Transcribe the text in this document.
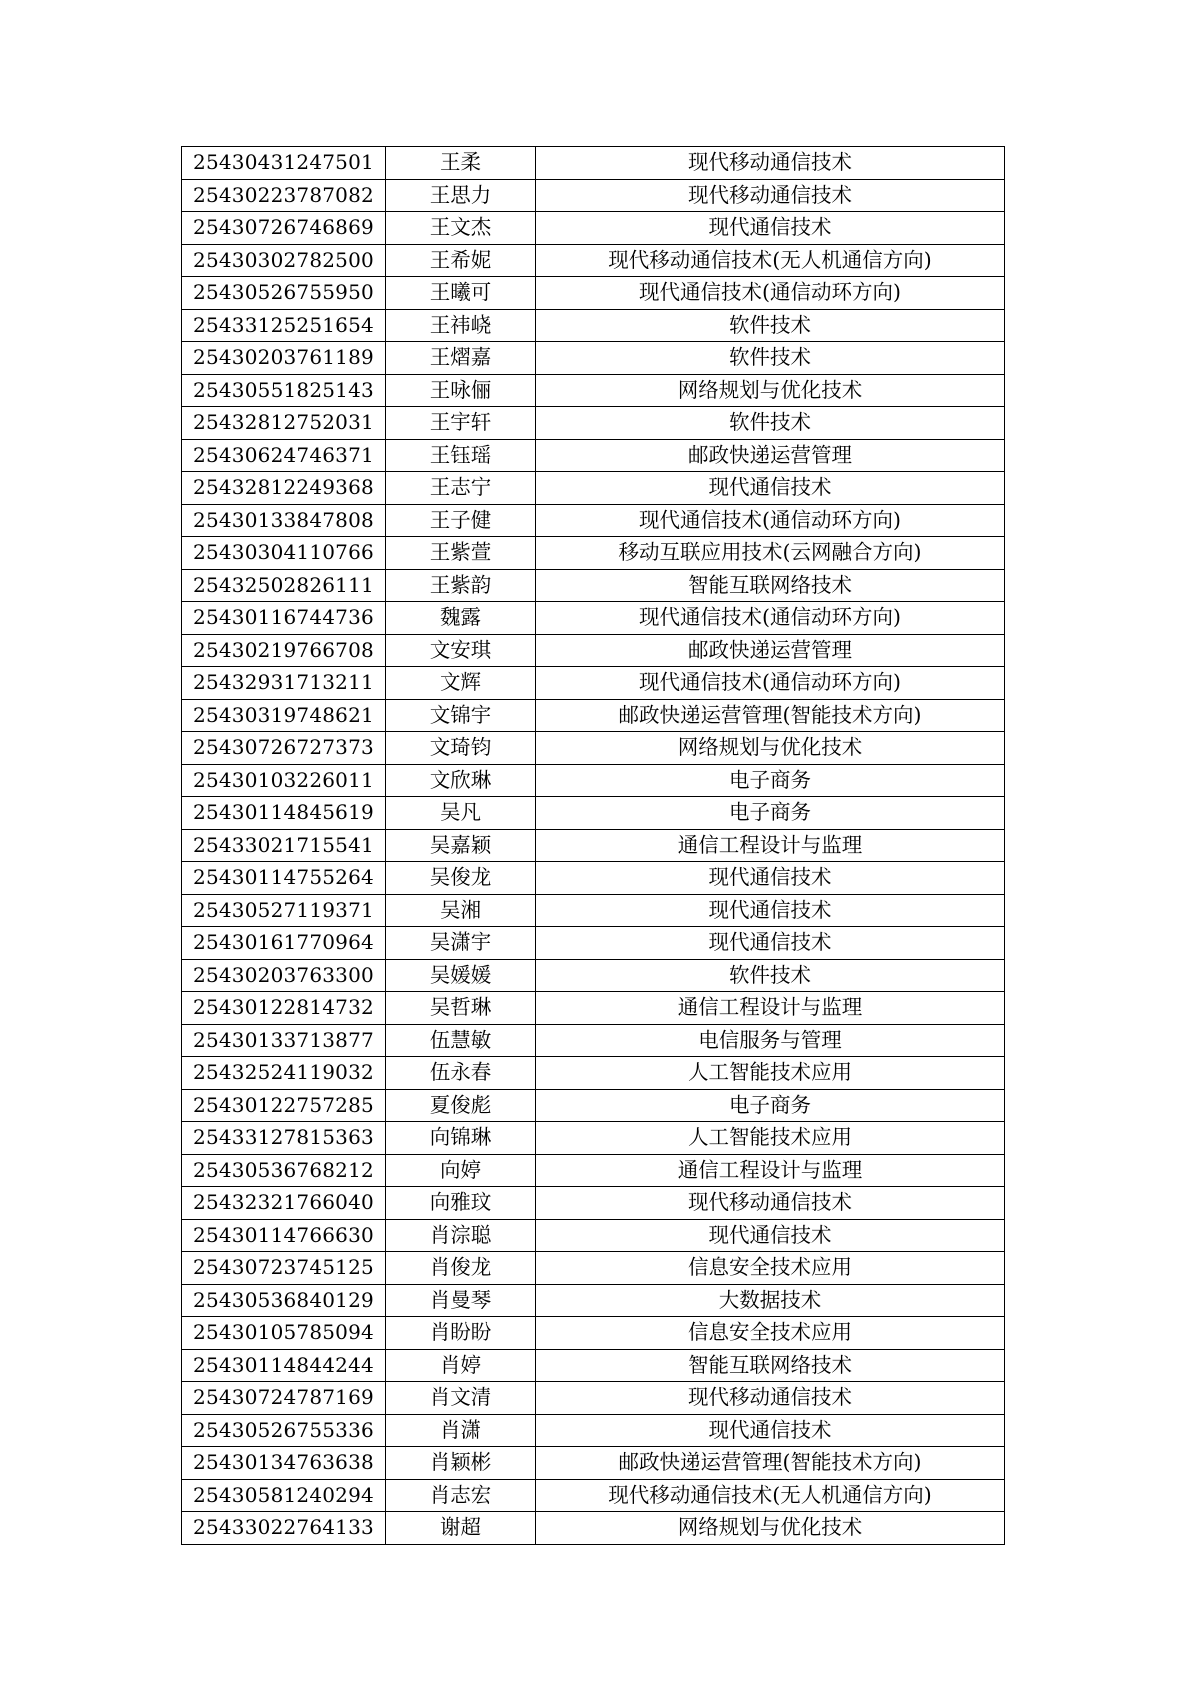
25430431247501	王柔	现代移动通信技术
25430223787082	王思力	现代移动通信技术
25430726746869	王文杰	现代通信技术
25430302782500	王希妮	现代移动通信技术(无人机通信方向)
25430526755950	王曦可	现代通信技术(通信动环方向)
25433125251654	王祎峣	软件技术
25430203761189	王熠嘉	软件技术
25430551825143	王咏俪	网络规划与优化技术
25432812752031	王宇轩	软件技术
25430624746371	王钰瑶	邮政快递运营管理
25432812249368	王志宁	现代通信技术
25430133847808	王子健	现代通信技术(通信动环方向)
25430304110766	王紫萱	移动互联应用技术(云网融合方向)
25432502826111	王紫韵	智能互联网络技术
25430116744736	魏露	现代通信技术(通信动环方向)
25430219766708	文安琪	邮政快递运营管理
25432931713211	文辉	现代通信技术(通信动环方向)
25430319748621	文锦宇	邮政快递运营管理(智能技术方向)
25430726727373	文琦钧	网络规划与优化技术
25430103226011	文欣琳	电子商务
25430114845619	吴凡	电子商务
25433021715541	吴嘉颖	通信工程设计与监理
25430114755264	吴俊龙	现代通信技术
25430527119371	吴湘	现代通信技术
25430161770964	吴潇宇	现代通信技术
25430203763300	吴媛媛	软件技术
25430122814732	吴哲琳	通信工程设计与监理
25430133713877	伍慧敏	电信服务与管理
25432524119032	伍永春	人工智能技术应用
25430122757285	夏俊彪	电子商务
25433127815363	向锦琳	人工智能技术应用
25430536768212	向婷	通信工程设计与监理
25432321766040	向雅玟	现代移动通信技术
25430114766630	肖淙聪	现代通信技术
25430723745125	肖俊龙	信息安全技术应用
25430536840129	肖曼琴	大数据技术
25430105785094	肖盼盼	信息安全技术应用
25430114844244	肖婷	智能互联网络技术
25430724787169	肖文清	现代移动通信技术
25430526755336	肖潇	现代通信技术
25430134763638	肖颖彬	邮政快递运营管理(智能技术方向)
25430581240294	肖志宏	现代移动通信技术(无人机通信方向)
25433022764133	谢超	网络规划与优化技术
